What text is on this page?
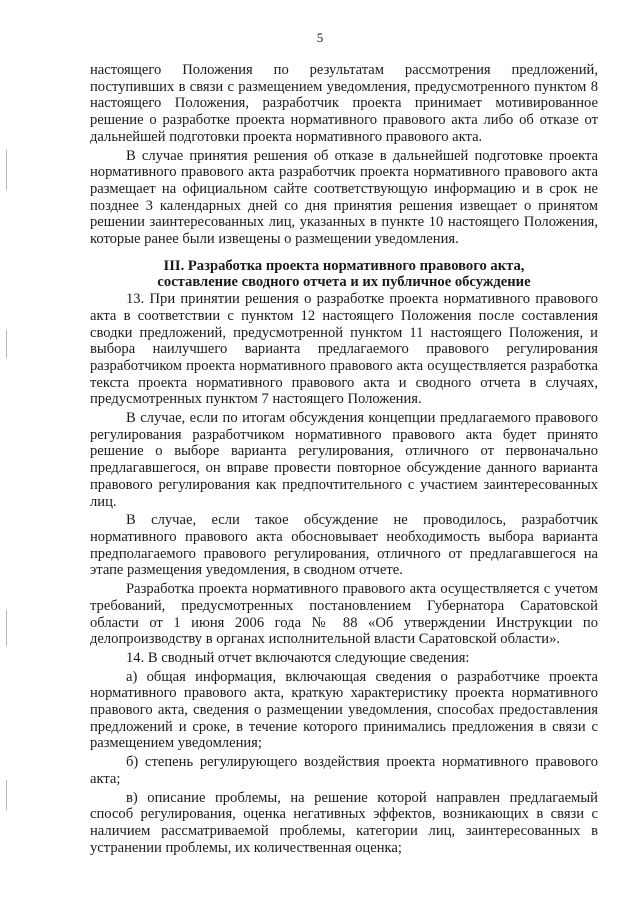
5

настоящего Положения по результатам рассмотрения предложений, поступивших в связи с размещением уведомления, предусмотренного пунктом 8 настоящего Положения, разработчик проекта принимает мотивированное решение о разработке проекта нормативного правового акта либо об отказе от дальнейшей подготовки проекта нормативного правового акта.

В случае принятия решения об отказе в дальнейшей подготовке проекта нормативного правового акта разработчик проекта нормативного правового акта размещает на официальном сайте соответствующую информацию и в срок не позднее 3 календарных дней со дня принятия решения извещает о принятом решении заинтересованных лиц, указанных в пункте 10 настоящего Положения, которые ранее были извещены о размещении уведомления.

III. Разработка проекта нормативного правового акта,
составление сводного отчета и их публичное обсуждение

13. При принятии решения о разработке проекта нормативного правового акта в соответствии с пунктом 12 настоящего Положения после составления сводки предложений, предусмотренной пунктом 11 настоящего Положения, и выбора наилучшего варианта предлагаемого правового регулирования разработчиком проекта нормативного правового акта осуществляется разработка текста проекта нормативного правового акта и сводного отчета в случаях, предусмотренных пунктом 7 настоящего Положения.

В случае, если по итогам обсуждения концепции предлагаемого правового регулирования разработчиком нормативного правового акта будет принято решение о выборе варианта регулирования, отличного от первоначально предлагавшегося, он вправе провести повторное обсуждение данного варианта правового регулирования как предпочтительного с участием заинтересованных лиц.

В случае, если такое обсуждение не проводилось, разработчик нормативного правового акта обосновывает необходимость выбора варианта предполагаемого правового регулирования, отличного от предлагавшегося на этапе размещения уведомления, в сводном отчете.

Разработка проекта нормативного правового акта осуществляется с учетом требований, предусмотренных постановлением Губернатора Саратовской области от 1 июня 2006 года № 88 «Об утверждении Инструкции по делопроизводству в органах исполнительной власти Саратовской области».

14. В сводный отчет включаются следующие сведения:

а) общая информация, включающая сведения о разработчике проекта нормативного правового акта, краткую характеристику проекта нормативного правового акта, сведения о размещении уведомления, способах предоставления предложений и сроке, в течение которого принимались предложения в связи с размещением уведомления;

б) степень регулирующего воздействия проекта нормативного правового акта;

в) описание проблемы, на решение которой направлен предлагаемый способ регулирования, оценка негативных эффектов, возникающих в связи с наличием рассматриваемой проблемы, категории лиц, заинтересованных в устранении проблемы, их количественная оценка;
